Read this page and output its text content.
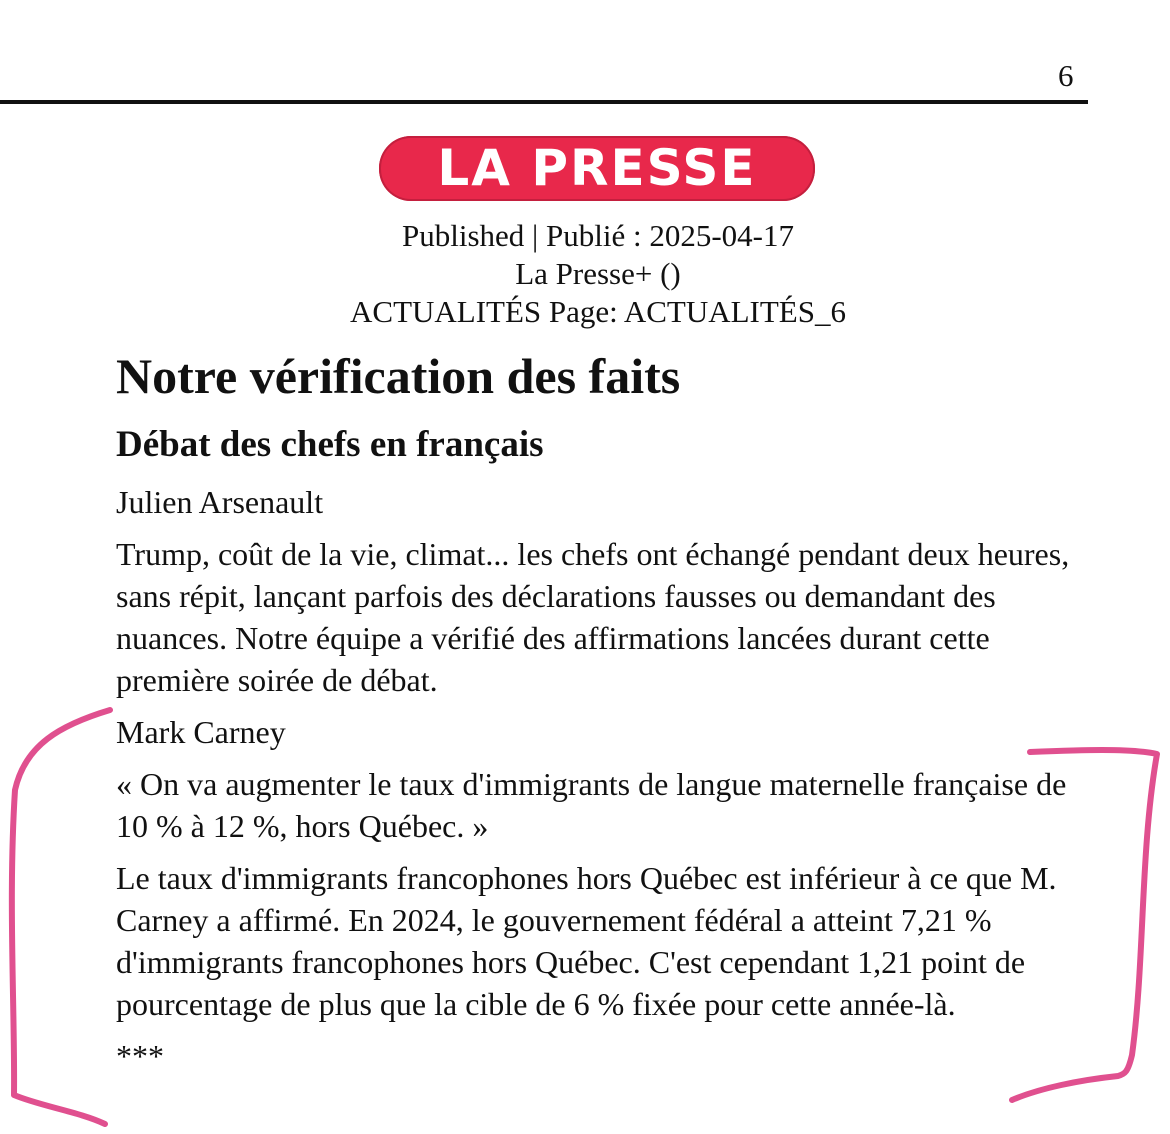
6
LA PRESSE
Published | Publié : 2025-04-17
La Presse+ ()
ACTUALITÉS Page: ACTUALITÉS_6
Notre vérification des faits
Débat des chefs en français

Julien Arsenault

Trump, coût de la vie, climat... les chefs ont échangé pendant deux heures, sans répit, lançant parfois des déclarations fausses ou demandant des nuances. Notre équipe a vérifié des affirmations lancées durant cette première soirée de débat.

Mark Carney

« On va augmenter le taux d'immigrants de langue maternelle française de 10 % à 12 %, hors Québec. »

Le taux d'immigrants francophones hors Québec est inférieur à ce que M. Carney a affirmé. En 2024, le gouvernement fédéral a atteint 7,21 % d'immigrants francophones hors Québec. C'est cependant 1,21 point de pourcentage de plus que la cible de 6 % fixée pour cette année-là.

***
